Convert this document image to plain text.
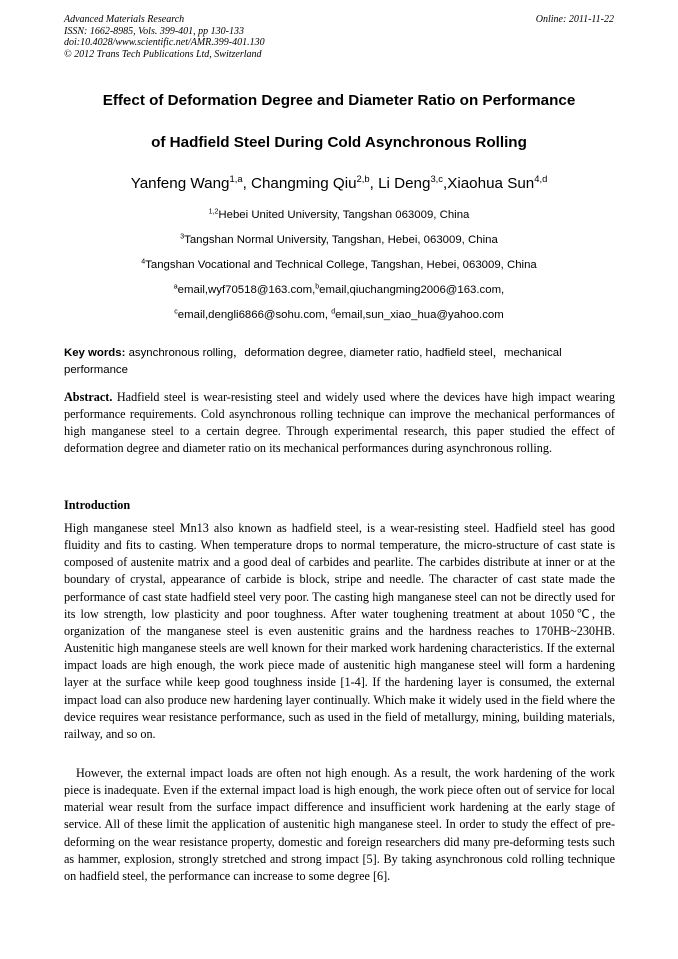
Advanced Materials Research	Online: 2011-11-22
ISSN: 1662-8985, Vols. 399-401, pp 130-133
doi:10.4028/www.scientific.net/AMR.399-401.130
© 2012 Trans Tech Publications Ltd, Switzerland
Effect of Deformation Degree and Diameter Ratio on Performance
of Hadfield Steel During Cold Asynchronous Rolling
Yanfeng Wang$^{1,a}$, Changming Qiu$^{2,b}$, Li Deng$^{3,c}$,Xiaohua Sun$^{4,d}$
$^{1,2}$Hebei United University, Tangshan 063009, China
$^3$Tangshan Normal University, Tangshan, Hebei, 063009, China
$^4$Tangshan Vocational and Technical College, Tangshan, Hebei, 063009, China
$^a$email,wyf70518@163.com,$^b$email,qiuchangming2006@163.com,
$^c$email,dengli6866@sohu.com, $^d$email,sun_xiao_hua@yahoo.com
Key words: asynchronous rolling，deformation degree, diameter ratio, hadfield steel，mechanical performance
Abstract. Hadfield steel is wear-resisting steel and widely used where the devices have high impact wearing performance requirements. Cold asynchronous rolling technique can improve the mechanical performances of high manganese steel to a certain degree. Through experimental research, this paper studied the effect of deformation degree and diameter ratio on its mechanical performances during asynchronous rolling.
Introduction

High manganese steel Mn13 also known as hadfield steel, is a wear-resisting steel. Hadfield steel has good fluidity and fits to casting. When temperature drops to normal temperature, the micro-structure of cast state is composed of austenite matrix and a good deal of carbides and pearlite. The carbides distribute at inner or at the boundary of crystal, appearance of carbide is block, stripe and needle. The character of cast state made the performance of cast state hadfield steel very poor. The casting high manganese steel can not be directly used for its low strength, low plasticity and poor toughness. After water toughening treatment at about 1050℃, the organization of the manganese steel is even austenitic grains and the hardness reaches to 170HB~230HB. Austenitic high manganese steels are well known for their marked work hardening characteristics. If the external impact loads are high enough, the work piece made of austenitic high manganese steel will form a hardening layer at the surface while keep good toughness inside [1-4]. If the hardening layer is consumed, the external impact load can also produce new hardening layer continually. Which make it widely used in the field where the device requires wear resistance performance, such as used in the field of metallurgy, mining, building materials, railway, and so on.

However, the external impact loads are often not high enough. As a result, the work hardening of the work piece is inadequate. Even if the external impact load is high enough, the work piece often out of service for local material wear result from the surface impact difference and insufficient work hardening at the early stage of service. All of these limit the application of austenitic high manganese steel. In order to study the effect of pre-deforming on the wear resistance property, domestic and foreign researchers did many pre-deforming tests such as hammer, explosion, strongly stretched and strong impact [5]. By taking asynchronous cold rolling technique on hadfield steel, the performance can increase to some degree [6].
